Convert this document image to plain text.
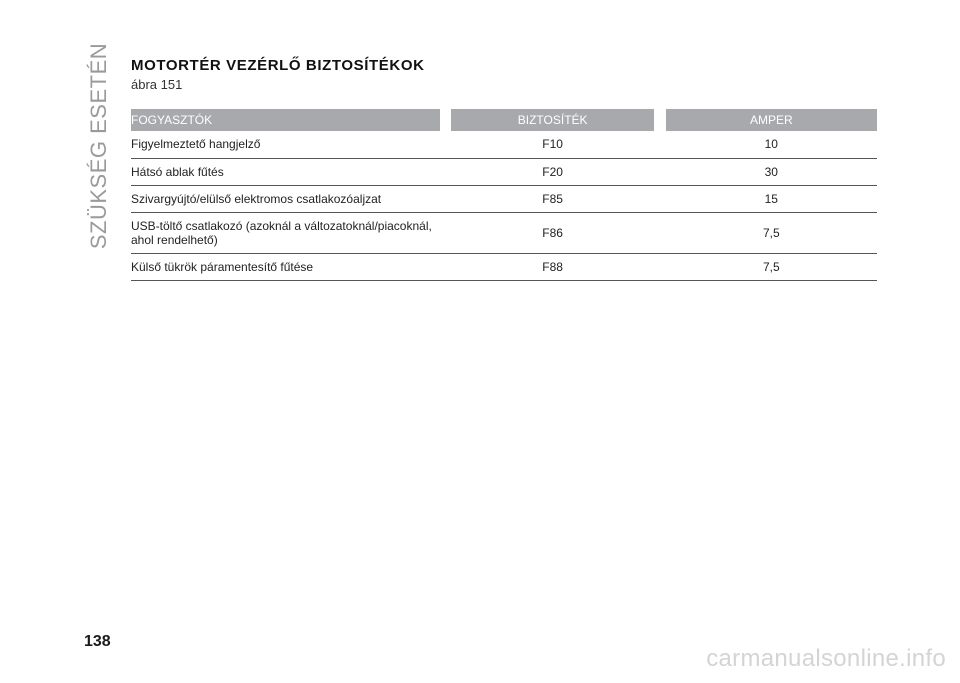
SZÜKSÉG ESETÉN MOTORTÉR VEZÉRLŐ BIZTOSÍTÉKOK
ábra 151
FOGYASZTÓK		BIZTOSÍTÉK		AMPER
Figyelmeztető hangjelző		F10		10
Hátsó ablak fűtés		F20		30
Szivargyújtó/elülső elektromos csatlakozóaljzat		F85		15
USB-töltő csatlakozó (azoknál a változatoknál/piacoknál,
ahol rendelhető)		F86		7,5
Külső tükrök páramentesítő fűtése		F88		7,5
138
carmanualsonline.info
